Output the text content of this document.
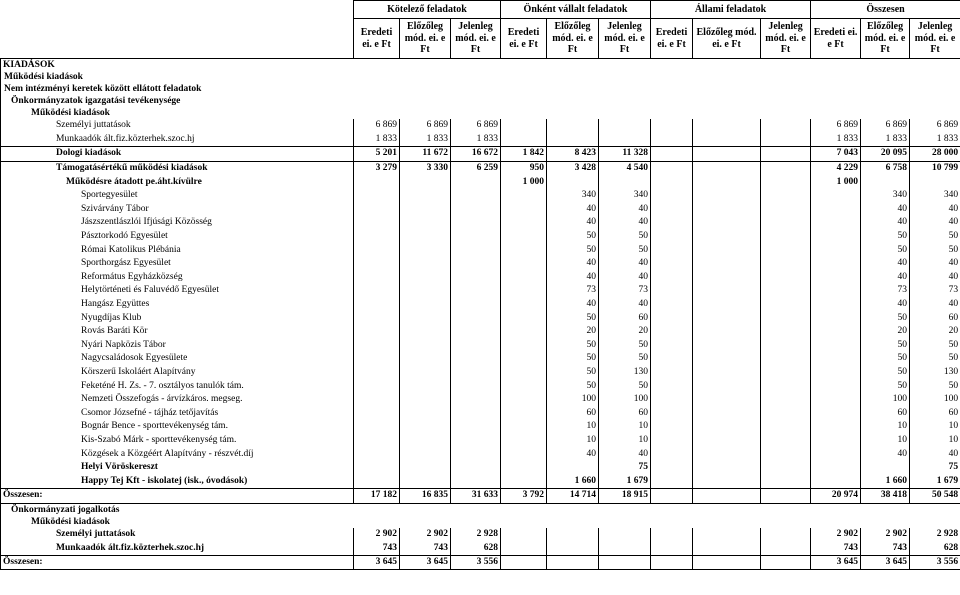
	Kötelező feladatok			Önként vállalt feladatok			Állami feladatok			Összesen		
	Eredeti ei. e Ft	Előzőleg mód. ei. e Ft	Jelenleg mód. ei. e Ft	Eredeti ei. e Ft	Előzőleg mód. ei. e Ft	Jelenleg mód. ei. e Ft	Eredeti ei. e Ft	Előzőleg mód. ei. e Ft	Jelenleg mód. ei. e Ft	Eredeti ei. e Ft	Előzőleg mód. ei. e Ft	Jelenleg mód. ei. e Ft
KIADÁSOK												
Működési kiadások												
Nem intézményi keretek között ellátott feladatok												
Önkormányzatok igazgatási tevékenysége												
Működési kiadások												
Személyi juttatások	6 869	6 869	6 869							6 869	6 869	6 869
Munkaadók ált.fiz.közterhek.szoc.hj	1 833	1 833	1 833							1 833	1 833	1 833
Dologi kiadások	5 201	11 672	16 672	1 842	8 423	11 328				7 043	20 095	28 000
Támogatásértékű működési kiadások	3 279	3 330	6 259	950	3 428	4 540				4 229	6 758	10 799
Működésre átadott pe.áht.kívülre				1 000						1 000		
Sportegyesület					340	340					340	340
Szivárvány Tábor					40	40					40	40
Jászszentlászlói Ifjúsági Közösség					40	40					40	40
Pásztorkodó Egyesület					50	50					50	50
Római Katolikus Plébánia					50	50					50	50
Sporthorgász Egyesület					40	40					40	40
Református Egyházközség					40	40					40	40
Helytörténeti és Faluvédő Egyesület					73	73					73	73
Hangász Együttes					40	40					40	40
Nyugdíjas Klub					50	60					50	60
Rovás Baráti Kör					20	20					20	20
Nyári Napközis Tábor					50	50					50	50
Nagycsaládosok Egyesülete					50	50					50	50
Körszerű Iskoláért Alapítvány					50	130					50	130
Feketéné H. Zs. - 7. osztályos tanulók tám.					50	50					50	50
Nemzeti Összefogás - árvízkáros. megseg.					100	100					100	100
Csomor Józsefné - tájház tetőjavítás					60	60					60	60
Bognár Bence - sporttevékenység tám.					10	10					10	10
Kis-Szabó Márk - sporttevékenység tám.					10	10					10	10
Közgések a Közgéért Alapítvány - részvét.díj					40	40					40	40
Helyi Vöröskereszt						75						75
Happy Tej Kft - iskolatej (isk., óvodások)					1 660	1 679					1 660	1 679
Összesen:	17 182	16 835	31 633	3 792	14 714	18 915				20 974	38 418	50 548
Önkormányzati jogalkotás												
Működési kiadások												
Személyi juttatások	2 902	2 902	2 928							2 902	2 902	2 928
Munkaadók ált.fiz.közterhek.szoc.hj	743	743	628							743	743	628
Összesen:	3 645	3 645	3 556							3 645	3 645	3 556
